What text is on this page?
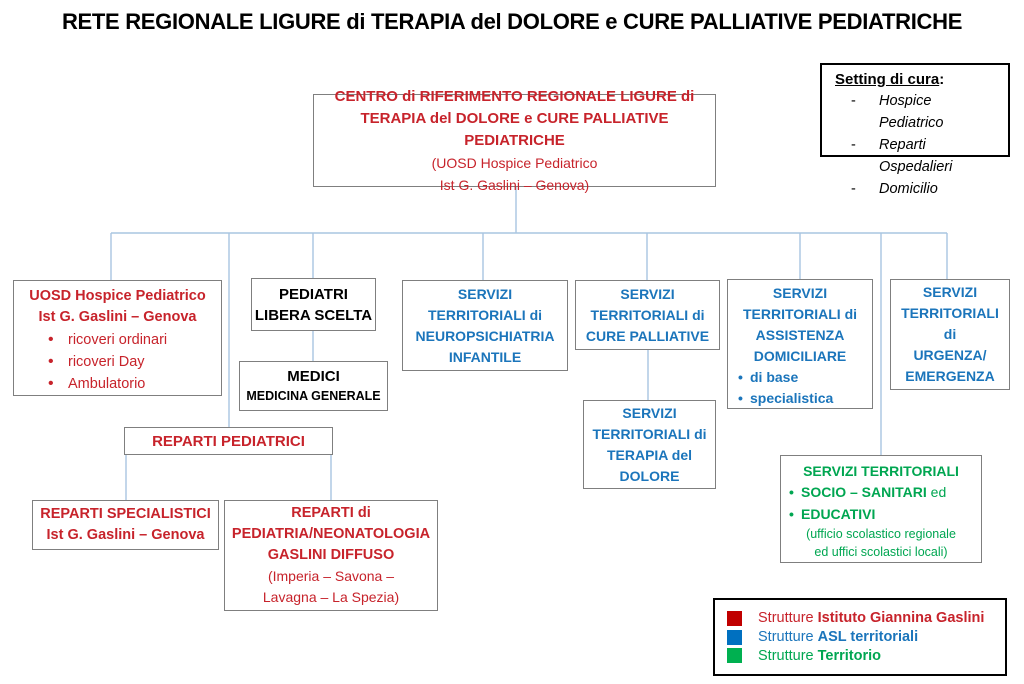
RETE REGIONALE LIGURE di TERAPIA del DOLORE e CURE PALLIATIVE PEDIATRICHE
Setting di cura:
- Hospice Pediatrico
- Reparti Ospedalieri
- Domicilio
CENTRO di RIFERIMENTO REGIONALE LIGURE di
TERAPIA del DOLORE e CURE PALLIATIVE PEDIATRICHE
(UOSD Hospice Pediatrico
Ist G. Gaslini – Genova)
UOSD Hospice Pediatrico
Ist G. Gaslini – Genova
• ricoveri ordinari
• ricoveri Day
• Ambulatorio
PEDIATRI
LIBERA SCELTA
MEDICI
MEDICINA GENERALE
SERVIZI
TERRITORIALI di
NEUROPSICHIATRIA
INFANTILE
SERVIZI
TERRITORIALI di
CURE PALLIATIVE
SERVIZI
TERRITORIALI di
ASSISTENZA
DOMICILIARE
• di base
• specialistica
SERVIZI
TERRITORIALI
di
URGENZA/
EMERGENZA
SERVIZI
TERRITORIALI di
TERAPIA del
DOLORE
REPARTI PEDIATRICI
REPARTI SPECIALISTICI
Ist G. Gaslini – Genova
REPARTI di
PEDIATRIA/NEONATOLOGIA
GASLINI DIFFUSO
(Imperia – Savona –
Lavagna – La Spezia)
SERVIZI TERRITORIALI
• SOCIO – SANITARI ed
• EDUCATIVI
(ufficio scolastico regionale
ed uffici scolastici locali)
Strutture Istituto Giannina Gaslini
Strutture ASL territoriali
Strutture Territorio
